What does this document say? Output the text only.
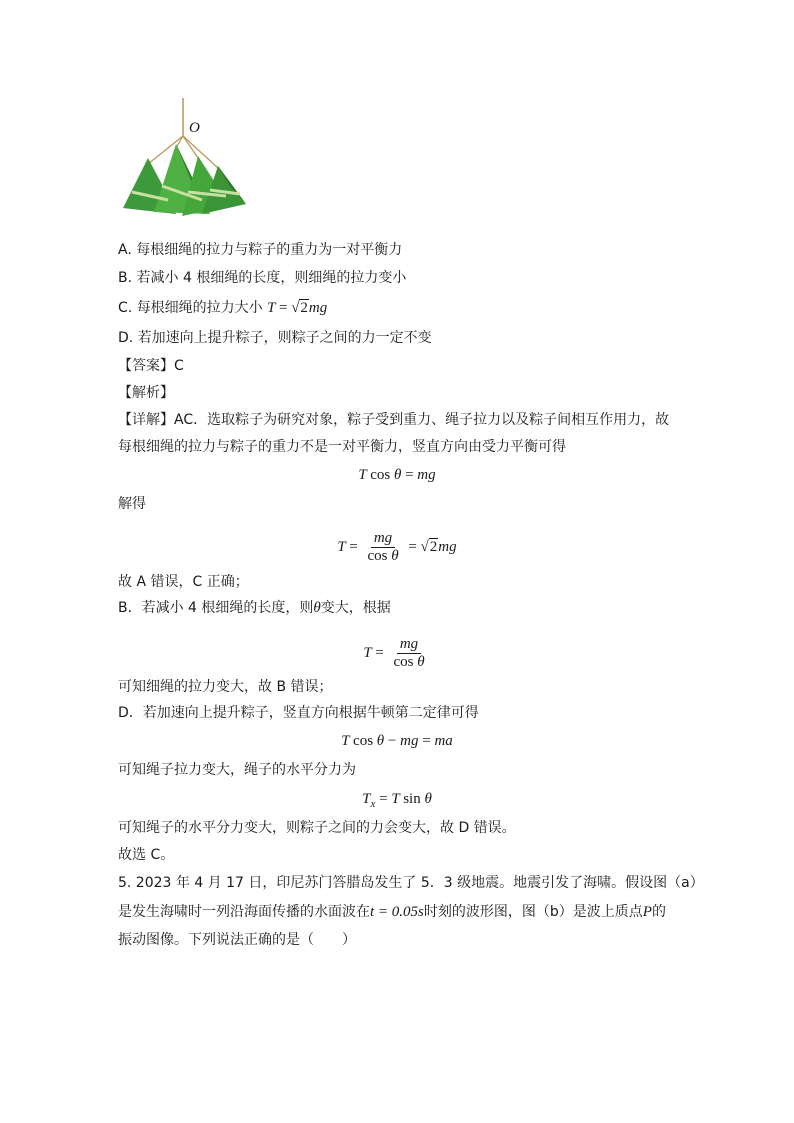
O
A. 每根细绳的拉力与粽子的重力为一对平衡力
B. 若减小 4 根细绳的长度，则细绳的拉力变小
C. 每根细绳的拉力大小 T = √2mg
D. 若加速向上提升粽子，则粽子之间的力一定不变
【答案】C
【解析】
【详解】AC．选取粽子为研究对象，粽子受到重力、绳子拉力以及粽子间相互作用力，故
每根细绳的拉力与粽子的重力不是一对平衡力，竖直方向由受力平衡可得
T cos θ = mg
解得
$T = \frac{mg}{\text{cos θ}} = √2mg$
故 A 错误，C 正确；
B．若减小 4 根细绳的长度，则θ变大，根据
$T = \frac{mg}{\text{cos θ}}$
可知细绳的拉力变大，故 B 错误；
D．若加速向上提升粽子，竖直方向根据牛顿第二定律可得
T cos θ − mg = ma
可知绳子拉力变大，绳子的水平分力为
$T_x = T$ sin θ
可知绳子的水平分力变大，则粽子之间的力会变大，故 D 错误。
故选 C。
5. 2023 年 4 月 17 日，印尼苏门答腊岛发生了 5．3 级地震。地震引发了海啸。假设图（a）
是发生海啸时一列沿海面传播的水面波在t = 0.05s时刻的波形图，图（b）是波上质点P的
振动图像。下列说法正确的是（　　）
